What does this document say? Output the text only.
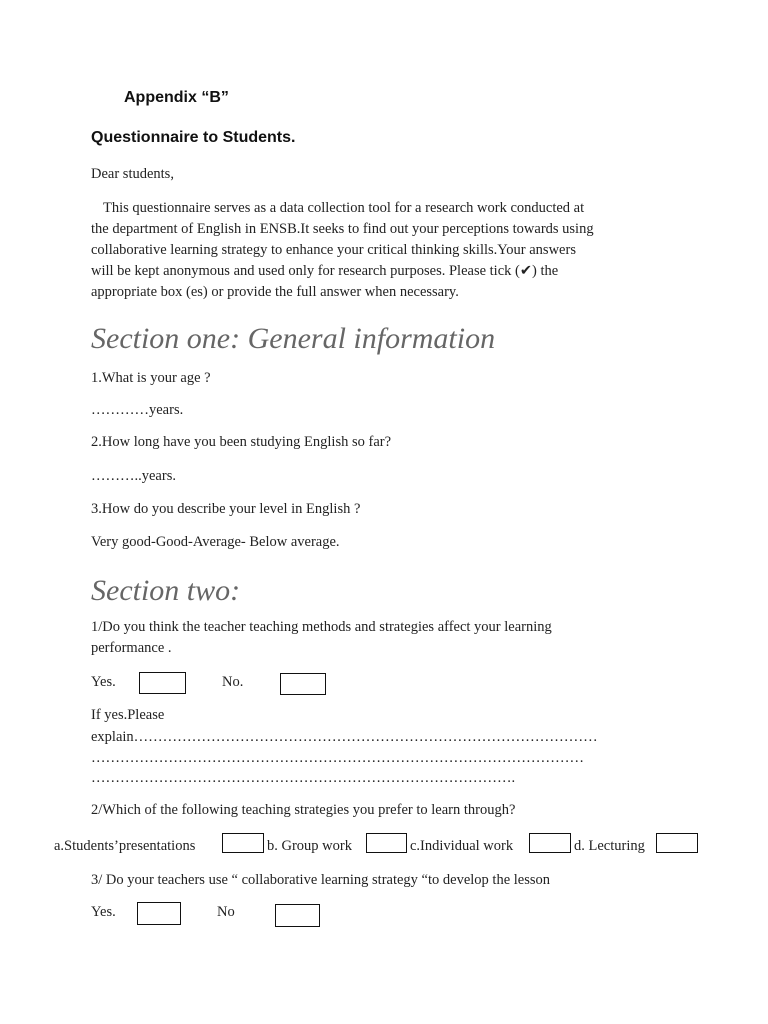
Appendix “B”
Questionnaire to Students.
Dear students,
This questionnaire serves as a data collection tool for a research work conducted at
the department of English in ENSB.It seeks to find out your perceptions towards using
collaborative learning strategy to enhance your critical thinking skills.Your answers
will be kept anonymous and used only for research purposes. Please tick (✔) the
appropriate box (es) or provide the full answer when necessary.
Section one: General information
1.What is your age ?
…………years.
2.How long have you been studying English so far?
………..years.
3.How do you describe your level in English ?
Very good-Good-Average- Below average.
Section two:
1/Do you think the teacher teaching methods and strategies affect your learning
performance .
Yes.	No.
If yes.Please
explain……………………………………………………………………………………
…………………………………………………………………………………………
…………………………………………………………………………….
2/Which of the following teaching strategies you prefer to learn through?
a.Students’presentations	b. Group work	c.Individual work	d. Lecturing
3/ Do your teachers use “ collaborative learning strategy “to develop the lesson
Yes.	No
